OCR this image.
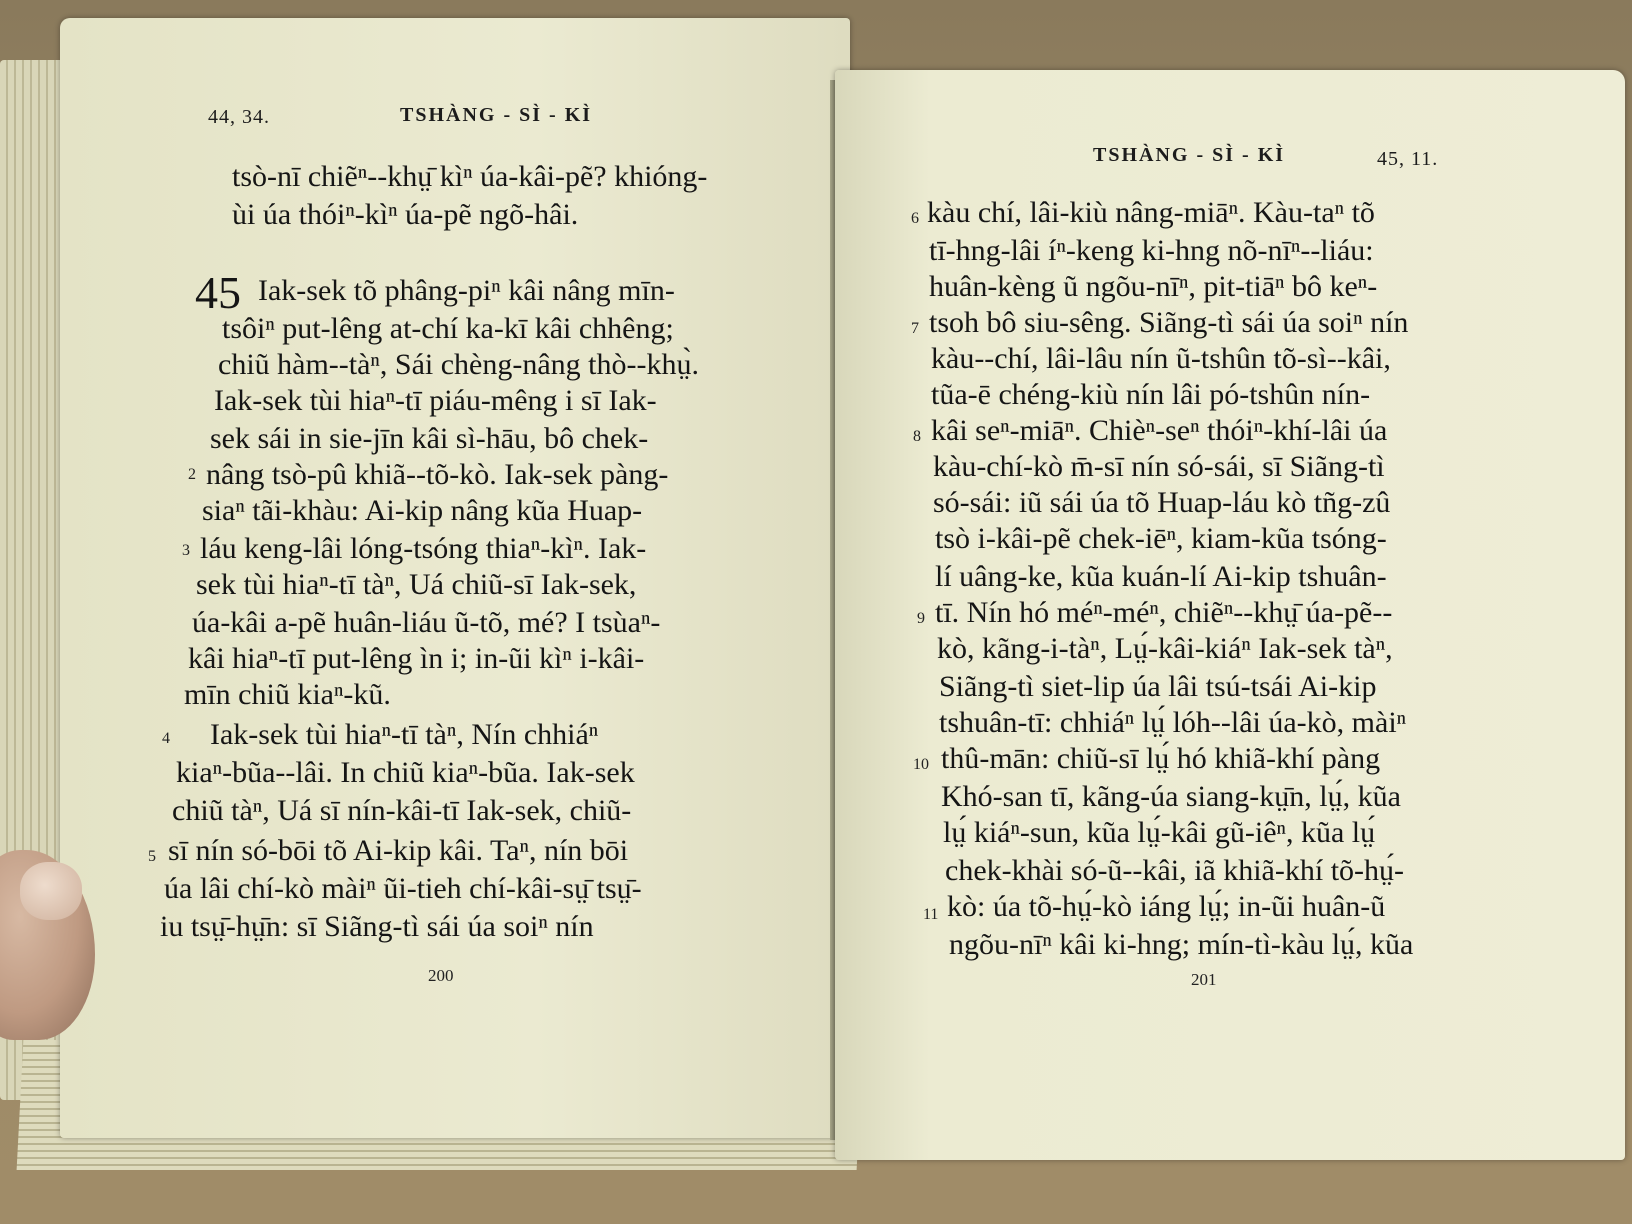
44, 34.	TSHÀNG - SÌ - KÌ
tsò-nī chiẽⁿ--khṳ̄ kìⁿ úa-kâi-pẽ? khióng-
ùi úa thóiⁿ-kìⁿ úa-pẽ ngõ-hâi.
45 Iak-sek tõ phâng-piⁿ kâi nâng mīn-
tsôiⁿ put-lêng at-chí ka-kī kâi chhêng;
chiũ hàm--tàⁿ, Sái chèng-nâng thò--khṳ̀.
Iak-sek tùi hiaⁿ-tī piáu-mêng i sī Iak-
sek sái in sie-jīn kâi sì-hāu, bô chek-
2 nâng tsò-pû khiã--tõ-kò. Iak-sek pàng-
siaⁿ tãi-khàu: Ai-kip nâng kũa Huap-
3 láu keng-lâi lóng-tsóng thiaⁿ-kìⁿ. Iak-
sek tùi hiaⁿ-tī tàⁿ, Uá chiũ-sī Iak-sek,
úa-kâi a-pẽ huân-liáu ũ-tõ, mé? I tsùaⁿ-
kâi hiaⁿ-tī put-lêng ìn i; in-ũi kìⁿ i-kâi-
mīn chiũ kiaⁿ-kũ.
4 Iak-sek tùi hiaⁿ-tī tàⁿ, Nín chhiáⁿ
kiaⁿ-bũa--lâi. In chiũ kiaⁿ-bũa. Iak-sek
chiũ tàⁿ, Uá sī nín-kâi-tī Iak-sek, chiũ-
5 sī nín só-bōi tõ Ai-kip kâi. Taⁿ, nín bōi
úa lâi chí-kò màiⁿ ũi-tieh chí-kâi-sṳ̄ tsṳ̄-
iu tsṳ̄-hṳ̄n: sī Siãng-tì sái úa soiⁿ nín
200
TSHÀNG - SÌ - KÌ	45, 11.
6 kàu chí, lâi-kiù nâng-miāⁿ. Kàu-taⁿ tõ
tī-hng-lâi íⁿ-keng ki-hng nõ-nīⁿ--liáu:
huân-kèng ũ ngõu-nīⁿ, pit-tiāⁿ bô keⁿ-
7 tsoh bô siu-sêng. Siãng-tì sái úa soiⁿ nín
kàu--chí, lâi-lâu nín ũ-tshûn tõ-sì--kâi,
tũa-ē chéng-kiù nín lâi pó-tshûn nín-
8 kâi seⁿ-miāⁿ. Chièⁿ-seⁿ thóiⁿ-khí-lâi úa
kàu-chí-kò m̄-sī nín só-sái, sī Siãng-tì
só-sái: iũ sái úa tõ Huap-láu kò tñg-zû
tsò i-kâi-pẽ chek-iēⁿ, kiam-kũa tsóng-
lí uâng-ke, kũa kuán-lí Ai-kip tshuân-
9 tī. Nín hó méⁿ-méⁿ, chiẽⁿ--khṳ̄ úa-pẽ--
kò, kãng-i-tàⁿ, Lṳ́-kâi-kiáⁿ Iak-sek tàⁿ,
Siãng-tì siet-lip úa lâi tsú-tsái Ai-kip
tshuân-tī: chhiáⁿ lṳ́ lóh--lâi úa-kò, màiⁿ
10 thû-mān: chiũ-sī lṳ́ hó khiã-khí pàng
Khó-san tī, kãng-úa siang-kṳ̄n, lṳ́, kũa
lṳ́ kiáⁿ-sun, kũa lṳ́-kâi gũ-iêⁿ, kũa lṳ́
chek-khài só-ũ--kâi, iã khiã-khí tõ-hṳ́-
11 kò: úa tõ-hṳ́-kò iáng lṳ́; in-ũi huân-ũ
ngõu-nīⁿ kâi ki-hng; mín-tì-kàu lṳ́, kũa
201
